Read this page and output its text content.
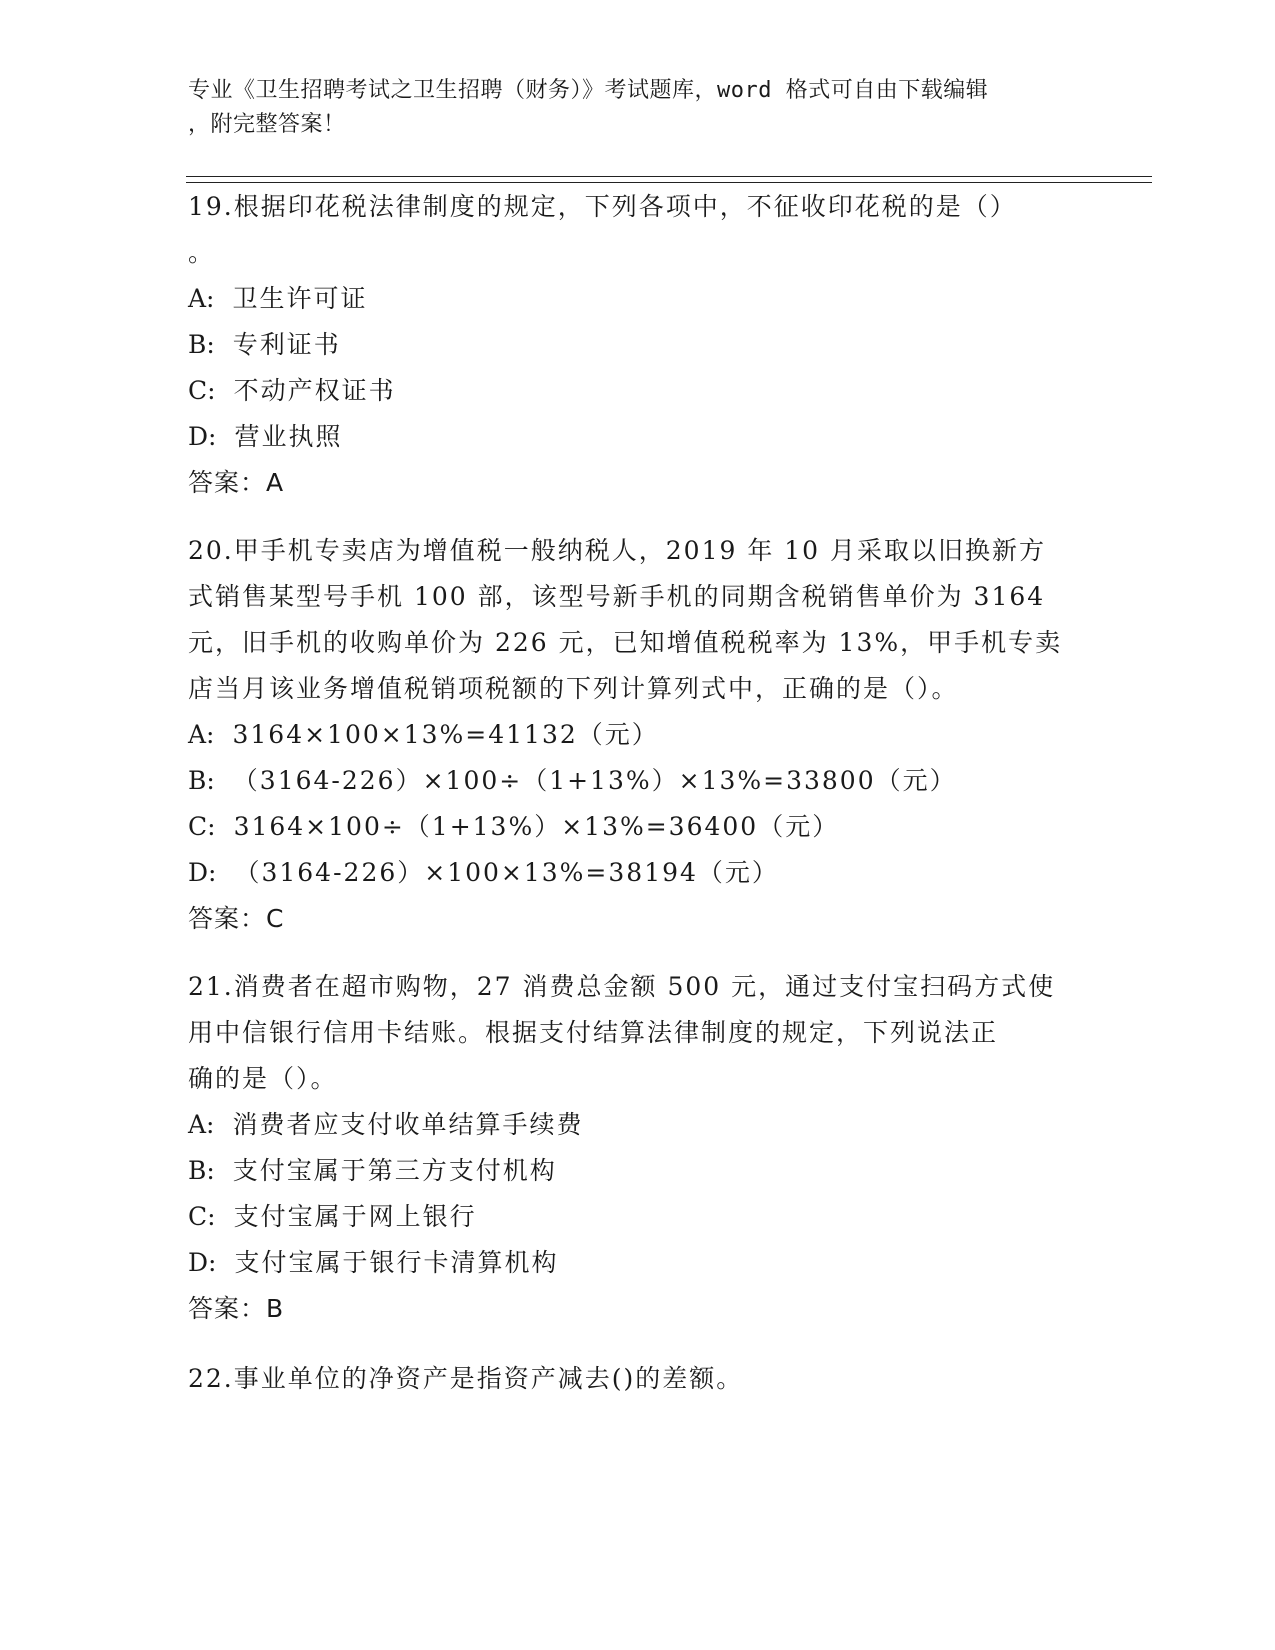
专业《卫生招聘考试之卫生招聘（财务）》考试题库，word 格式可自由下载编辑
，附完整答案！
19.根据印花税法律制度的规定，下列各项中，不征收印花税的是（）
。
A: 卫生许可证
B: 专利证书
C: 不动产权证书
D: 营业执照
答案：A
20.甲手机专卖店为增值税一般纳税人，2019 年 10 月采取以旧换新方
式销售某型号手机 100 部，该型号新手机的同期含税销售单价为 3164
元，旧手机的收购单价为 226 元，已知增值税税率为 13%，甲手机专卖
店当月该业务增值税销项税额的下列计算列式中，正确的是（）。
A: 3164×100×13%=41132（元）
B: （3164-226）×100÷（1+13%）×13%=33800（元）
C: 3164×100÷（1+13%）×13%=36400（元）
D: （3164-226）×100×13%=38194（元）
答案：C
21.消费者在超市购物，27 消费总金额 500 元，通过支付宝扫码方式使
用中信银行信用卡结账。根据支付结算法律制度的规定，下列说法正
确的是（）。
A: 消费者应支付收单结算手续费
B: 支付宝属于第三方支付机构
C: 支付宝属于网上银行
D: 支付宝属于银行卡清算机构
答案：B
22.事业单位的净资产是指资产减去()的差额。
